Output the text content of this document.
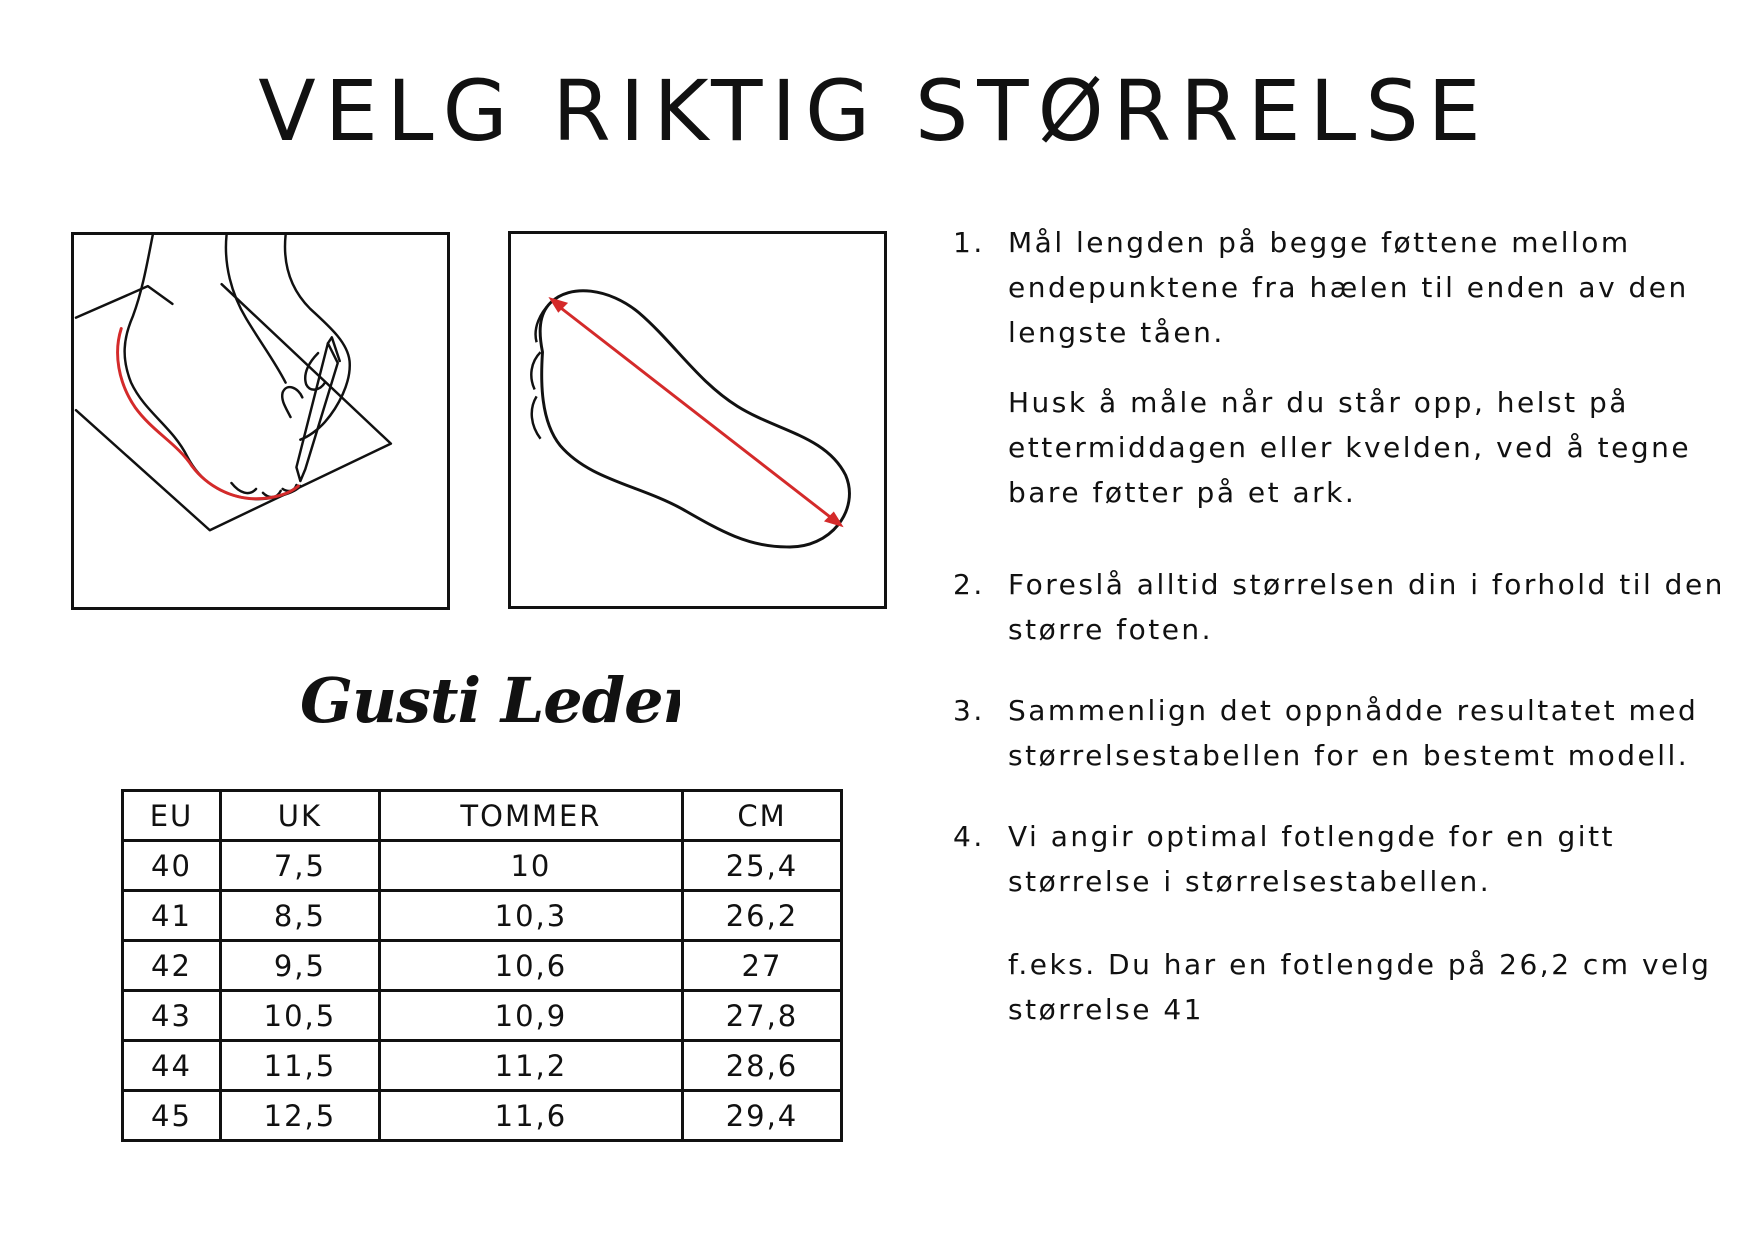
VELG RIKTIG STØRRELSE
Gusti Leder
EU	UK	TOMMER	CM
40	7,5	10	25,4
41	8,5	10,3	26,2
42	9,5	10,6	27
43	10,5	10,9	27,8
44	11,5	11,2	28,6
45	12,5	11,6	29,4
1. Mål lengden på begge føttene mellom endepunktene fra hælen til enden av den lengste tåen.
Husk å måle når du står opp, helst på ettermiddagen eller kvelden, ved å tegne bare føtter på et ark.
2. Foreslå alltid størrelsen din i forhold til den større foten.
3. Sammenlign det oppnådde resultatet med størrelsestabellen for en bestemt modell.
4. Vi angir optimal fotlengde for en gitt størrelse i størrelsestabellen.
f.eks. Du har en fotlengde på 26,2 cm velg størrelse 41
